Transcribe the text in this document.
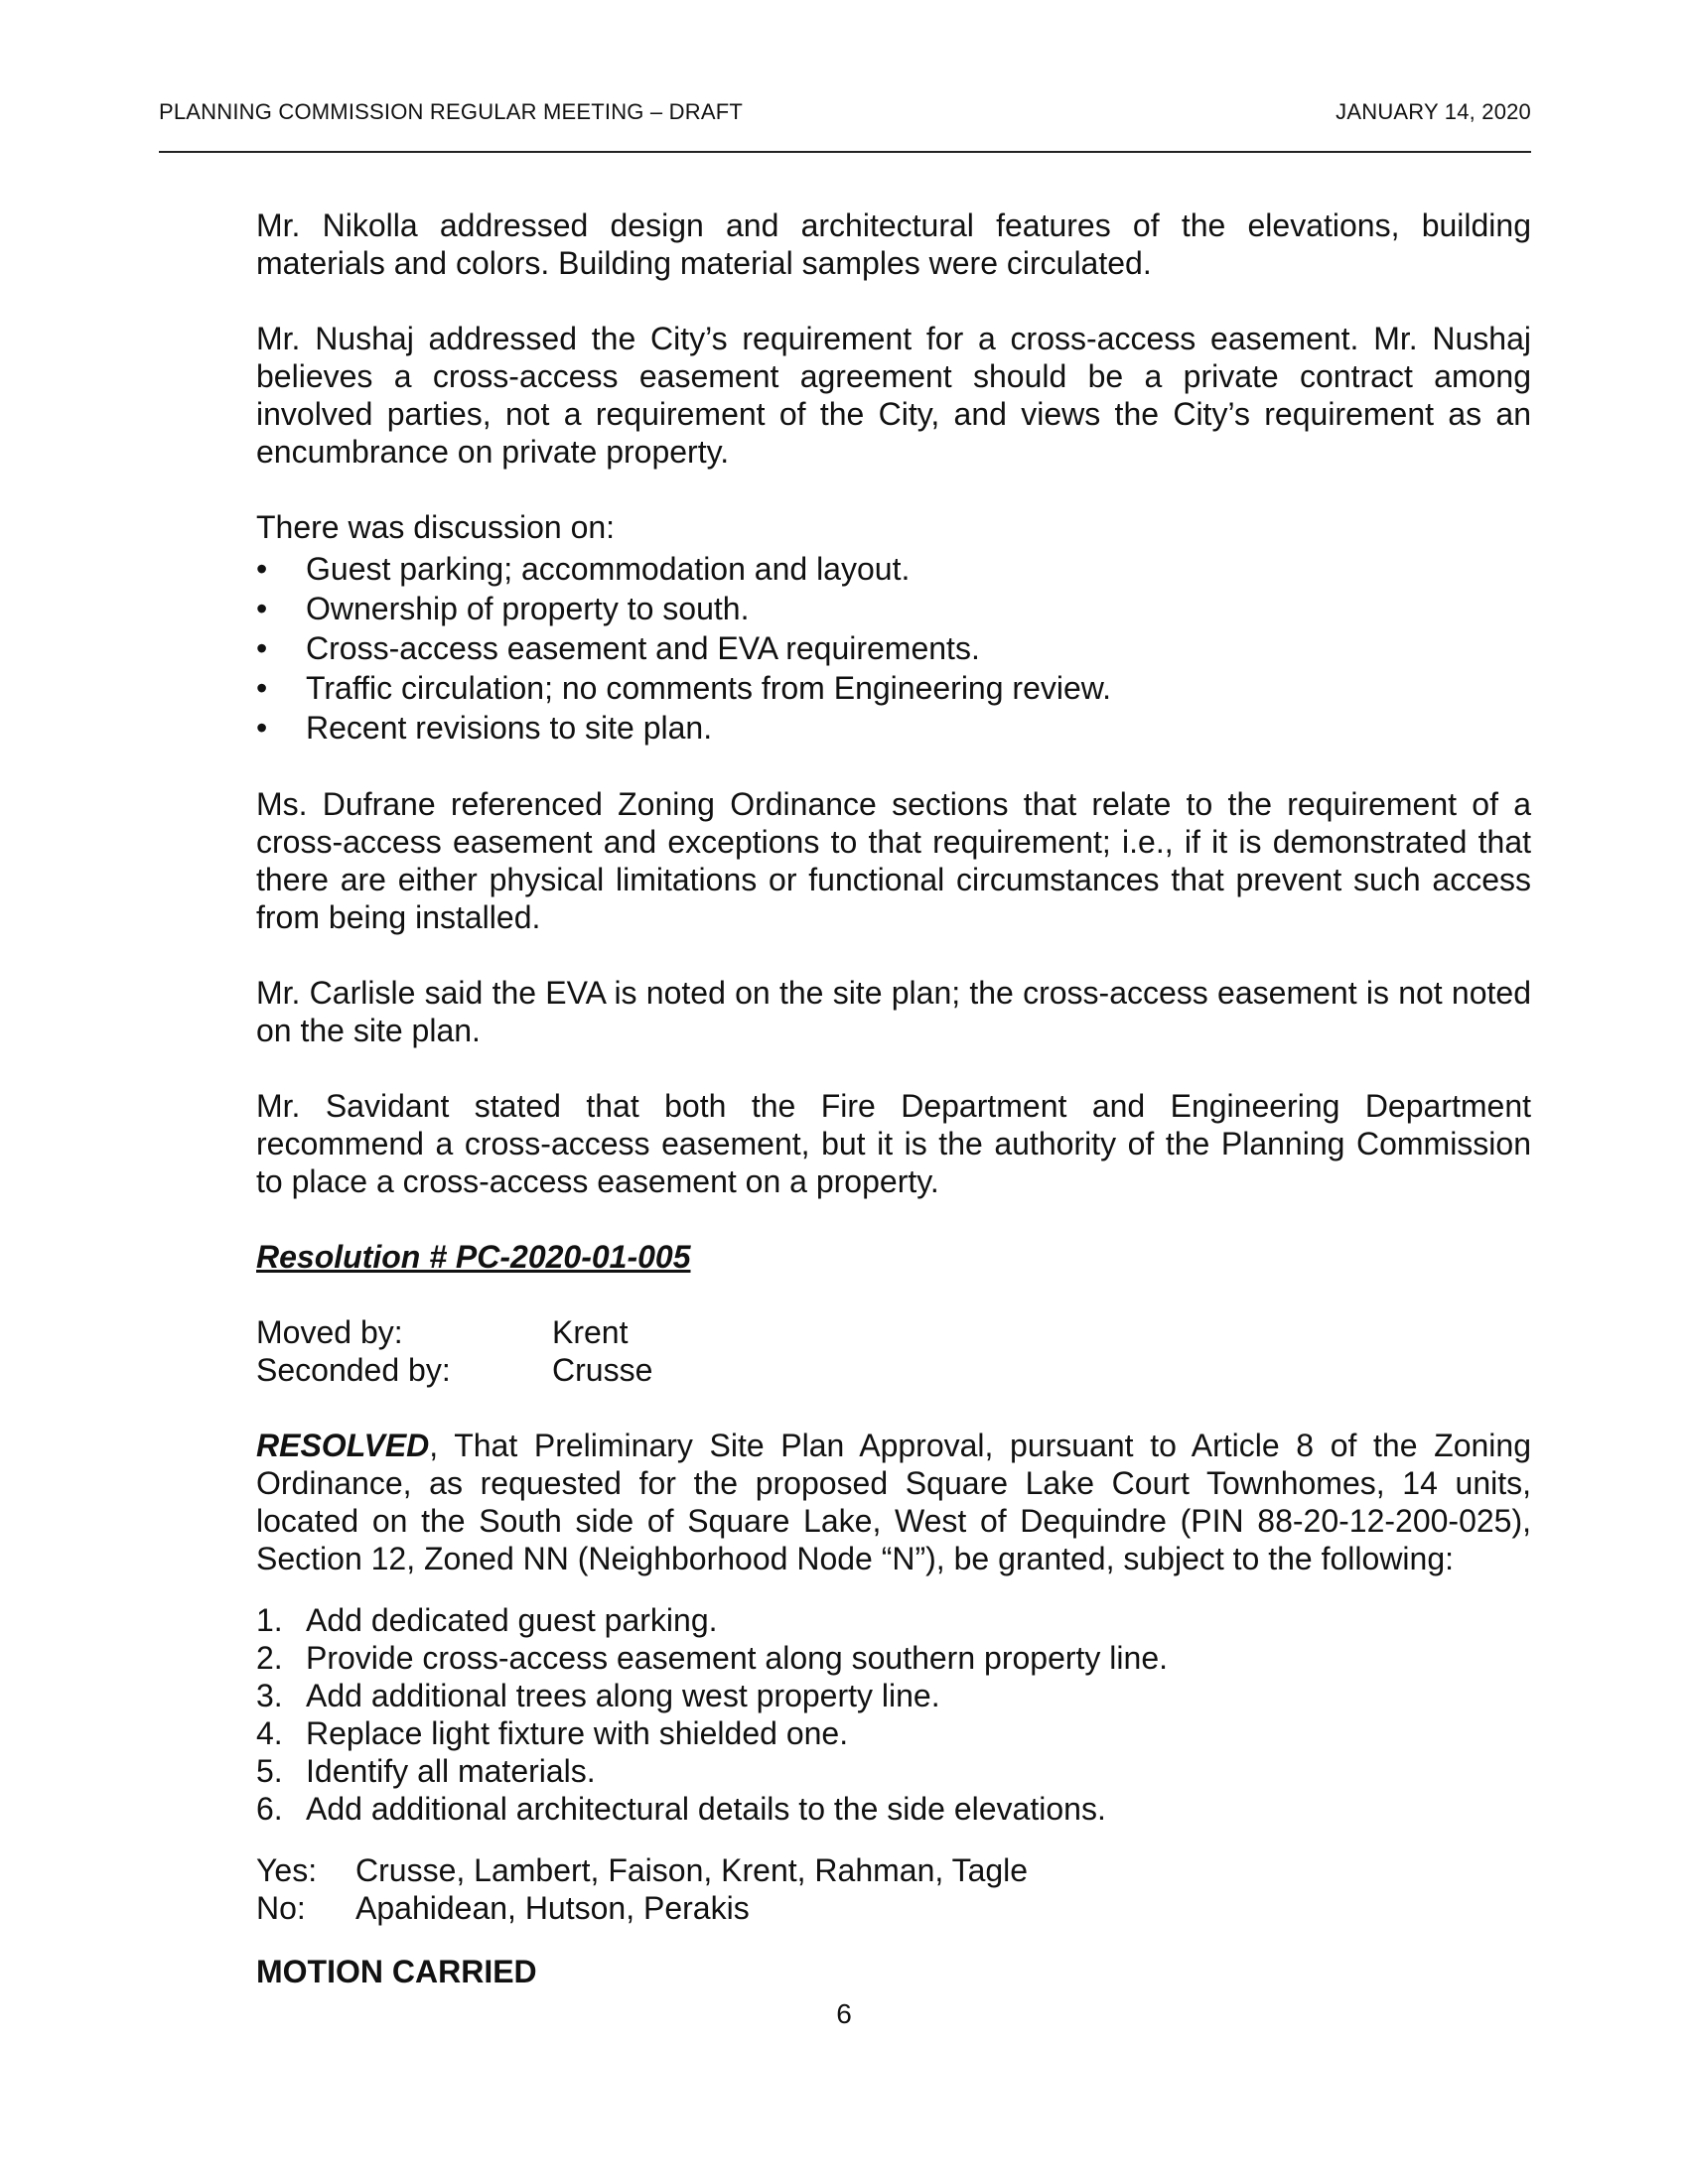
PLANNING COMMISSION REGULAR MEETING – DRAFT	JANUARY 14, 2020

Mr. Nikolla addressed design and architectural features of the elevations, building materials and colors. Building material samples were circulated.

Mr. Nushaj addressed the City’s requirement for a cross-access easement. Mr. Nushaj believes a cross-access easement agreement should be a private contract among involved parties, not a requirement of the City, and views the City’s requirement as an encumbrance on private property.

There was discussion on:

• Guest parking; accommodation and layout.
• Ownership of property to south.
• Cross-access easement and EVA requirements.
• Traffic circulation; no comments from Engineering review.
• Recent revisions to site plan.

Ms. Dufrane referenced Zoning Ordinance sections that relate to the requirement of a cross-access easement and exceptions to that requirement; i.e., if it is demonstrated that there are either physical limitations or functional circumstances that prevent such access from being installed.

Mr. Carlisle said the EVA is noted on the site plan; the cross-access easement is not noted on the site plan.

Mr. Savidant stated that both the Fire Department and Engineering Department recommend a cross-access easement, but it is the authority of the Planning Commission to place a cross-access easement on a property.

Resolution # PC-2020-01-005

Moved by:	Krent
Seconded by:	Crusse

RESOLVED, That Preliminary Site Plan Approval, pursuant to Article 8 of the Zoning Ordinance, as requested for the proposed Square Lake Court Townhomes, 14 units, located on the South side of Square Lake, West of Dequindre (PIN 88-20-12-200-025), Section 12, Zoned NN (Neighborhood Node “N”), be granted, subject to the following:

1. Add dedicated guest parking.
2. Provide cross-access easement along southern property line.
3. Add additional trees along west property line.
4. Replace light fixture with shielded one.
5. Identify all materials.
6. Add additional architectural details to the side elevations.
Yes:	Crusse, Lambert, Faison, Krent, Rahman, Tagle
No:	Apahidean, Hutson, Perakis

MOTION CARRIED

6
